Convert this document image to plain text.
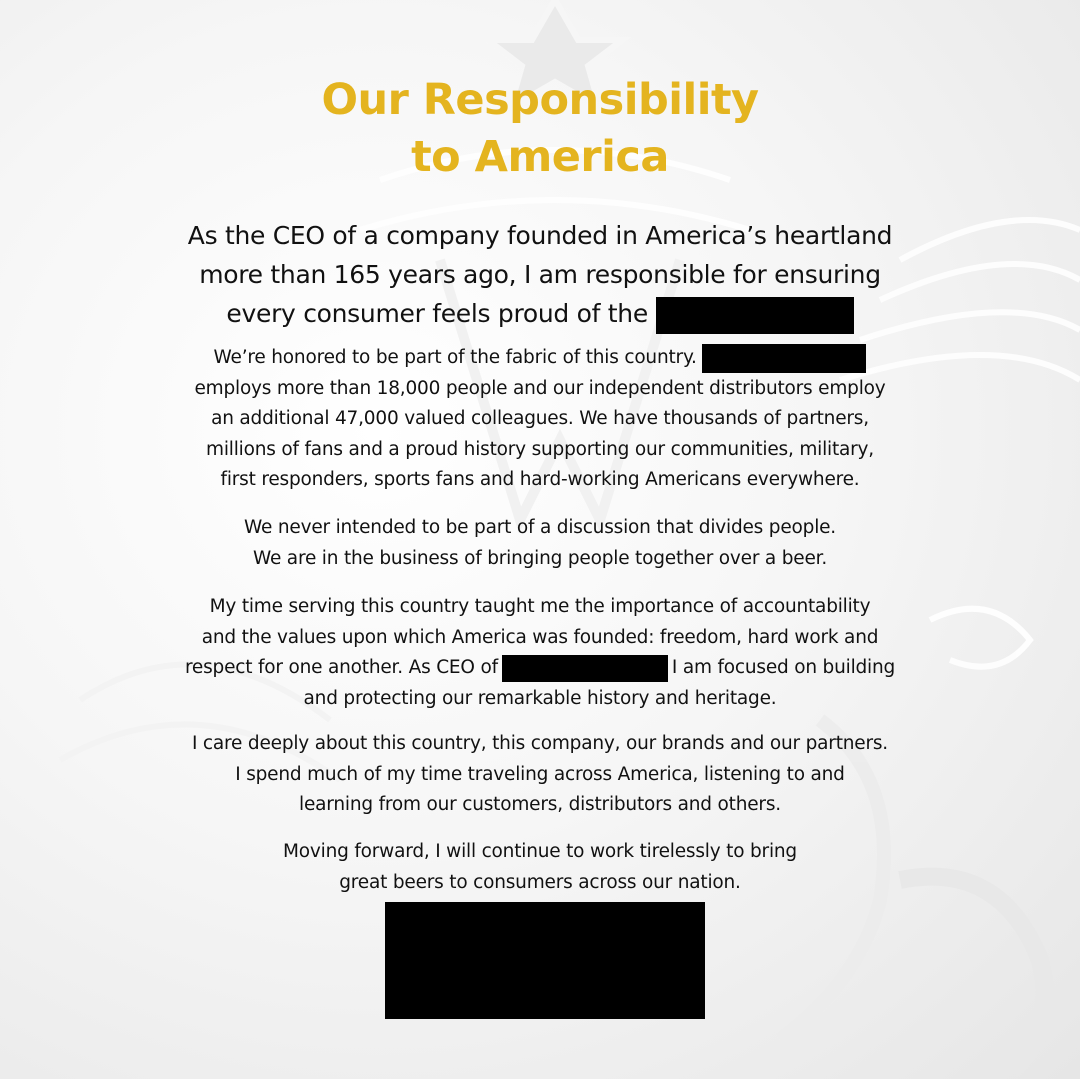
Our Responsibility
to America
As the CEO of a company founded in America’s heartland
more than 165 years ago, I am responsible for ensuring
every consumer feels proud of the
We’re honored to be part of the fabric of this country.
employs more than 18,000 people and our independent distributors employ
an additional 47,000 valued colleagues. We have thousands of partners,
millions of fans and a proud history supporting our communities, military,
first responders, sports fans and hard-working Americans everywhere.
We never intended to be part of a discussion that divides people.
We are in the business of bringing people together over a beer.
My time serving this country taught me the importance of accountability
and the values upon which America was founded: freedom, hard work and
respect for one another. As CEO of	I am focused on building
and protecting our remarkable history and heritage.
I care deeply about this country, this company, our brands and our partners.
I spend much of my time traveling across America, listening to and
learning from our customers, distributors and others.
Moving forward, I will continue to work tirelessly to bring
great beers to consumers across our nation.
